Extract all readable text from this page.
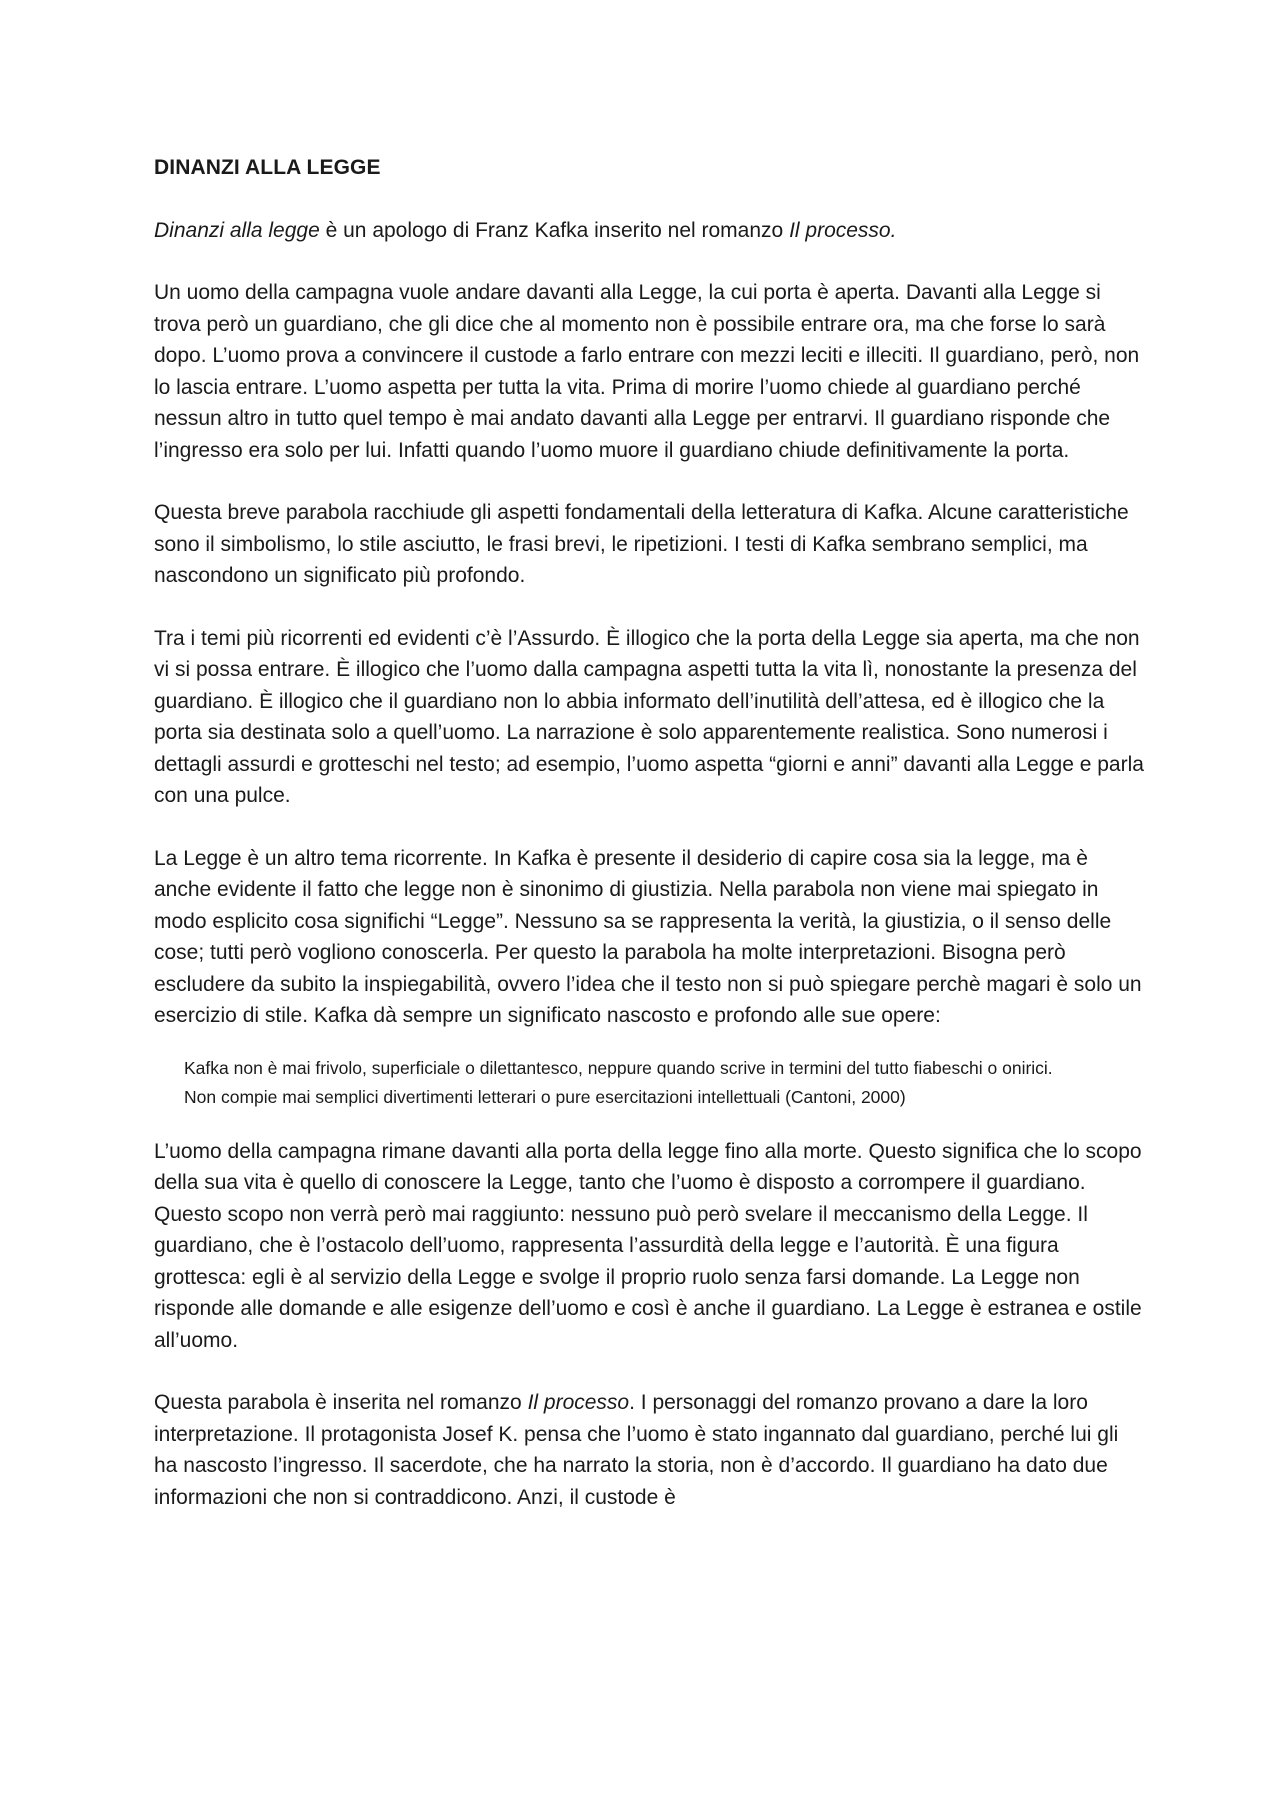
DINANZI ALLA LEGGE

Dinanzi alla legge è un apologo di Franz Kafka inserito nel romanzo Il processo.

Un uomo della campagna vuole andare davanti alla Legge, la cui porta è aperta. Davanti alla Legge si trova però un guardiano, che gli dice che al momento non è possibile entrare ora, ma che forse lo sarà dopo. L’uomo prova a convincere il custode a farlo entrare con mezzi leciti e illeciti. Il guardiano, però, non lo lascia entrare. L’uomo aspetta per tutta la vita. Prima di morire l’uomo chiede al guardiano perché nessun altro in tutto quel tempo è mai andato davanti alla Legge per entrarvi. Il guardiano risponde che l’ingresso era solo per lui. Infatti quando l’uomo muore il guardiano chiude definitivamente la porta.

Questa breve parabola racchiude gli aspetti fondamentali della letteratura di Kafka. Alcune caratteristiche sono il simbolismo, lo stile asciutto, le frasi brevi, le ripetizioni. I testi di Kafka sembrano semplici, ma nascondono un significato più profondo.

Tra i temi più ricorrenti ed evidenti c’è l’Assurdo. È illogico che la porta della Legge sia aperta, ma che non vi si possa entrare. È illogico che l’uomo dalla campagna aspetti tutta la vita lì, nonostante la presenza del guardiano. È illogico che il guardiano non lo abbia informato dell’inutilità dell’attesa, ed è illogico che la porta sia destinata solo a quell’uomo. La narrazione è solo apparentemente realistica. Sono numerosi i dettagli assurdi e grotteschi nel testo; ad esempio, l’uomo aspetta “giorni e anni” davanti alla Legge e parla con una pulce.

La Legge è un altro tema ricorrente. In Kafka è presente il desiderio di capire cosa sia la legge, ma è anche evidente il fatto che legge non è sinonimo di giustizia. Nella parabola non viene mai spiegato in modo esplicito cosa significhi “Legge”. Nessuno sa se rappresenta la verità, la giustizia, o il senso delle cose; tutti però vogliono conoscerla. Per questo la parabola ha molte interpretazioni. Bisogna però escludere da subito la inspiegabilità, ovvero l’idea che il testo non si può spiegare perchè magari è solo un esercizio di stile. Kafka dà sempre un significato nascosto e profondo alle sue opere:

Kafka non è mai frivolo, superficiale o dilettantesco, neppure quando scrive in termini del tutto fiabeschi o onirici. Non compie mai semplici divertimenti letterari o pure esercitazioni intellettuali (Cantoni, 2000)

L’uomo della campagna rimane davanti alla porta della legge fino alla morte. Questo significa che lo scopo della sua vita è quello di conoscere la Legge, tanto che l’uomo è disposto a corrompere il guardiano. Questo scopo non verrà però mai raggiunto: nessuno può però svelare il meccanismo della Legge. Il guardiano, che è l’ostacolo dell’uomo, rappresenta l’assurdità della legge e l’autorità. È una figura grottesca: egli è al servizio della Legge e svolge il proprio ruolo senza farsi domande. La Legge non risponde alle domande e alle esigenze dell’uomo e così è anche il guardiano. La Legge è estranea e ostile all’uomo.

Questa parabola è inserita nel romanzo Il processo. I personaggi del romanzo provano a dare la loro interpretazione. Il protagonista Josef K. pensa che l’uomo è stato ingannato dal guardiano, perché lui gli ha nascosto l’ingresso. Il sacerdote, che ha narrato la storia, non è d’accordo. Il guardiano ha dato due informazioni che non si contraddicono. Anzi, il custode è
